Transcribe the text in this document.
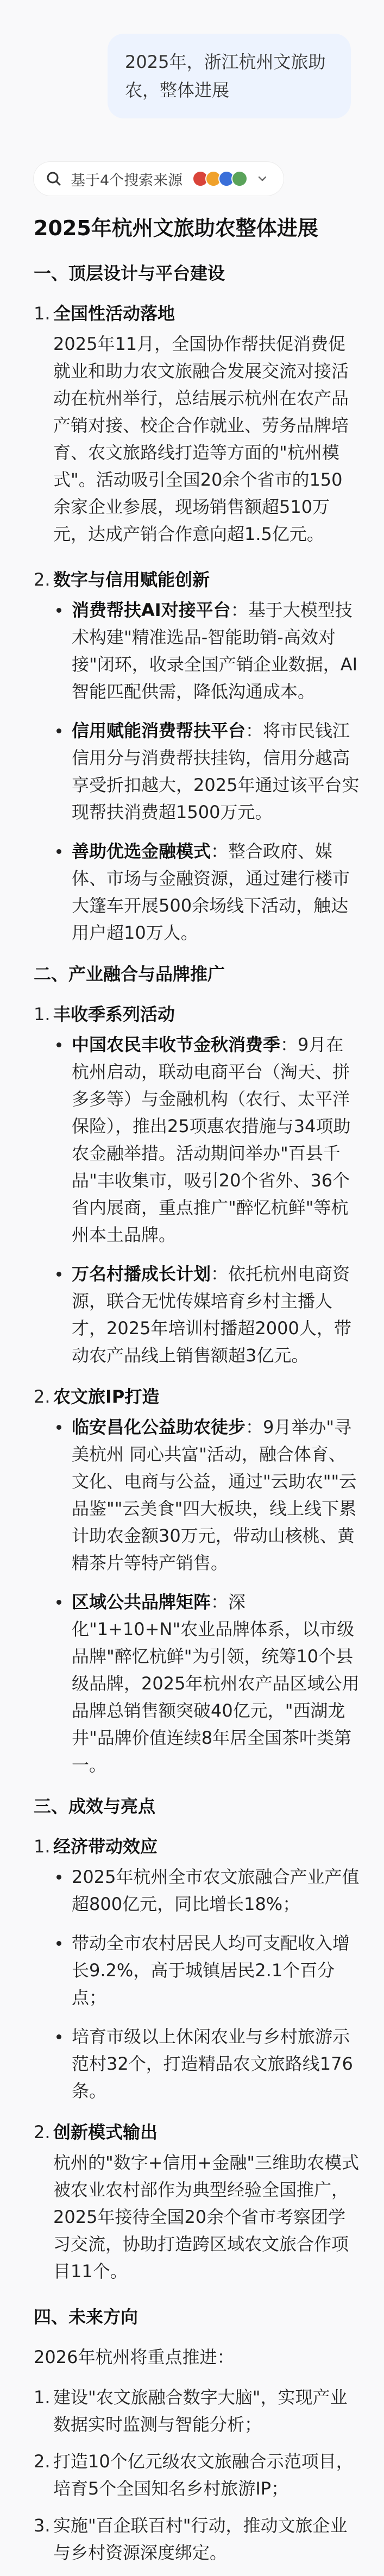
2025年，浙江杭州文旅助农，整体进展
基于4个搜索来源
2025年杭州文旅助农整体进展
一、顶层设计与平台建设
1. 全国性活动落地
2025年11月，全国协作帮扶促消费促就业和助力农文旅融合发展交流对接活动在杭州举行，总结展示杭州在农产品产销对接、校企合作就业、劳务品牌培育、农文旅路线打造等方面的"杭州模式"。活动吸引全国20余个省市的150余家企业参展，现场销售额超510万元，达成产销合作意向超1.5亿元。
2. 数字与信用赋能创新
消费帮扶AI对接平台：基于大模型技术构建"精准选品-智能助销-高效对接"闭环，收录全国产销企业数据，AI智能匹配供需，降低沟通成本。
信用赋能消费帮扶平台：将市民钱江信用分与消费帮扶挂钩，信用分越高享受折扣越大，2025年通过该平台实现帮扶消费超1500万元。
善助优选金融模式：整合政府、媒体、市场与金融资源，通过建行楼市大篷车开展500余场线下活动，触达用户超10万人。
二、产业融合与品牌推广
1. 丰收季系列活动
中国农民丰收节金秋消费季：9月在杭州启动，联动电商平台（淘天、拼多多等）与金融机构（农行、太平洋保险），推出25项惠农措施与34项助农金融举措。活动期间举办"百县千品"丰收集市，吸引20个省外、36个省内展商，重点推广"醉忆杭鲜"等杭州本土品牌。
万名村播成长计划：依托杭州电商资源，联合无忧传媒培育乡村主播人才，2025年培训村播超2000人，带动农产品线上销售额超3亿元。
2. 农文旅IP打造
临安昌化公益助农徒步：9月举办"寻美杭州 同心共富"活动，融合体育、文化、电商与公益，通过"云助农""云品鉴""云美食"四大板块，线上线下累计助农金额30万元，带动山核桃、黄精茶片等特产销售。
区域公共品牌矩阵：深化"1+10+N"农业品牌体系，以市级品牌"醉忆杭鲜"为引领，统筹10个县级品牌，2025年杭州农产品区域公用品牌总销售额突破40亿元，"西湖龙井"品牌价值连续8年居全国茶叶类第一。
三、成效与亮点
1. 经济带动效应
2025年杭州全市农文旅融合产业产值超800亿元，同比增长18%；
带动全市农村居民人均可支配收入增长9.2%，高于城镇居民2.1个百分点；
培育市级以上休闲农业与乡村旅游示范村32个，打造精品农文旅路线176条。
2. 创新模式输出
杭州的"数字+信用+金融"三维助农模式被农业农村部作为典型经验全国推广，2025年接待全国20余个省市考察团学习交流，协助打造跨区域农文旅合作项目11个。
四、未来方向
2026年杭州将重点推进：
1. 建设"农文旅融合数字大脑"，实现产业数据实时监测与智能分析；
2. 打造10个亿元级农文旅融合示范项目，培育5个全国知名乡村旅游IP；
3. 实施"百企联百村"行动，推动文旅企业与乡村资源深度绑定。
